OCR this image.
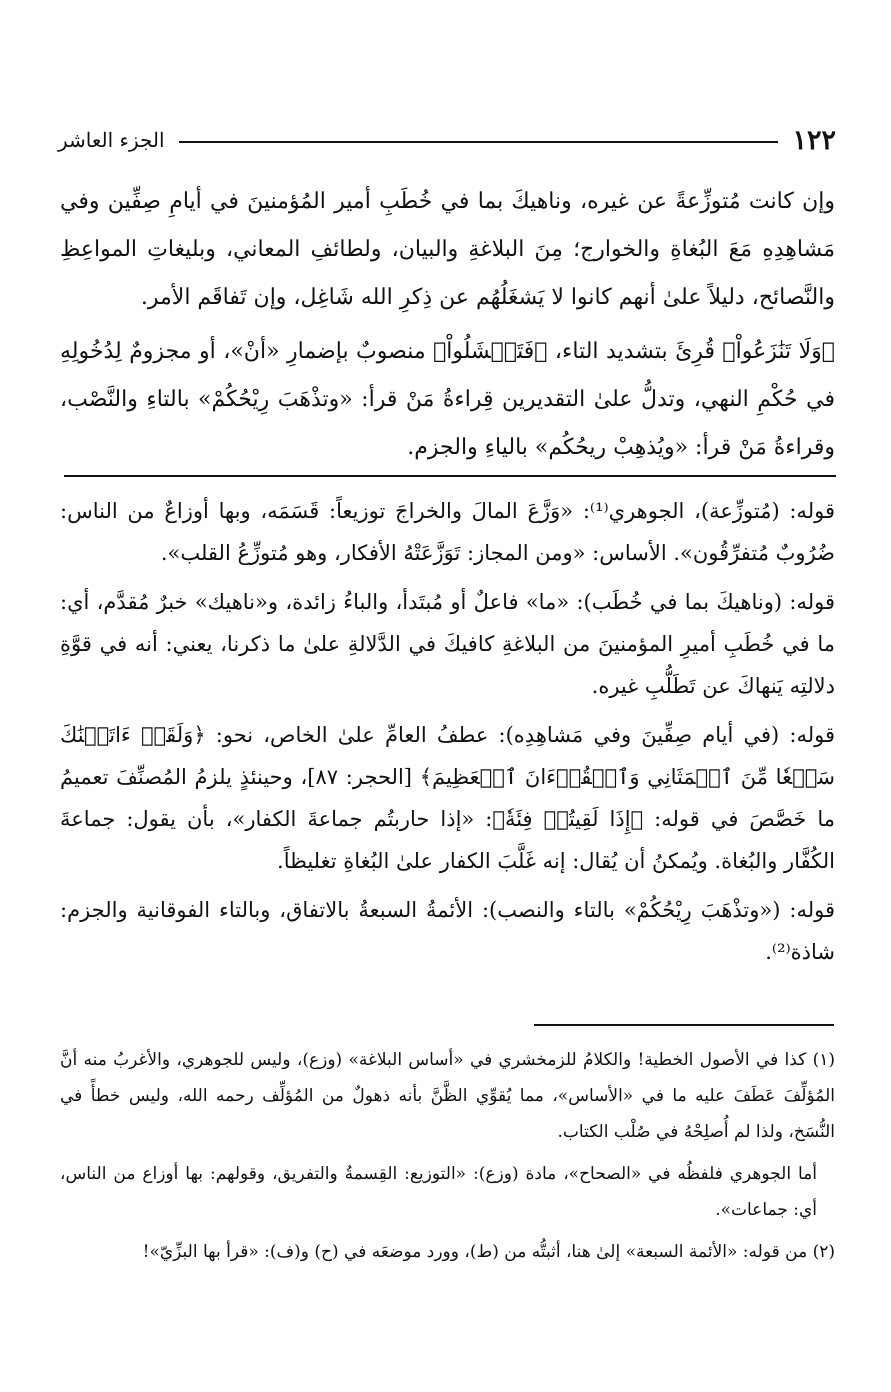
١٢٢
الجزء العاشر

وإن كانت مُتوزِّعةً عن غيره، وناهيكَ بما في خُطَبِ أمير المُؤمنينَ في أيامِ صِفِّين وفي مَشاهِدِهِ مَعَ البُغاةِ والخوارج؛ مِنَ البلاغةِ والبيان، ولطائفِ المعاني، وبليغاتِ المواعِظِ والنَّصائح، دليلاً علىٰ أنهم كانوا لا يَشغَلُهُم عن ذِكرِ الله شَاغِل، وإن تَفاقَم الأمر.

﴿وَلَا تَنَٰزَعُواْ﴾ قُرِئَ بتشديد التاء، ﴿فَتَفۡشَلُواْ﴾ منصوبٌ بإضمارِ «أنْ»، أو مجزومٌ لِدُخُولِهِ في حُكْمِ النهي، وتدلُّ علىٰ التقديرين قِراءةُ مَنْ قرأ: «وتذْهَبَ رِيْحُكُمْ» بالتاءِ والنَّصْب، وقراءةُ مَنْ قرأ: «ويُذهِبْ ريحُكُم» بالياءِ والجزم.

قوله: (مُتوزِّعة)، الجوهري⁽¹⁾: «وَزَّعَ المالَ والخراجَ توزيعاً: قَسَمَه، وبها أوزاعٌ من الناس: ضُرُوبٌ مُتفرِّقُون». الأساس: «ومن المجاز: تَوَزَّعَتْهُ الأفكار، وهو مُتوزِّعُ القلب».

قوله: (وناهيكَ بما في خُطَب): «ما» فاعلٌ أو مُبتَدأ، والباءُ زائدة، و«ناهيك» خبرٌ مُقدَّم، أي: ما في خُطَبِ أميرِ المؤمنينَ من البلاغةِ كافيكَ في الدَّلالةِ علىٰ ما ذكرنا، يعني: أنه في قوَّةِ دلالتِه يَنهاكَ عن تَطَلُّبِ غيره.

قوله: (في أيام صِفِّينَ وفي مَشاهِدِه): عطفُ العامِّ علىٰ الخاص، نحو: ﴿وَلَقَدۡ ءَاتَيۡنَٰكَ سَبۡعٗا مِّنَ ٱلۡمَثَانِي وَٱلۡقُرۡءَانَ ٱلۡعَظِيمَ﴾ [الحجر: ٨٧]، وحينئذٍ يلزمُ المُصنِّفَ تعميمُ ما خَصَّصَ في قوله: ﴿إِذَا لَقِيتُمۡ فِئَةٗ﴾: «إذا حاربتُم جماعةَ الكفار»، بأن يقول: جماعةَ الكُفَّار والبُغاة. ويُمكنُ أن يُقال: إنه غَلَّبَ الكفار علىٰ البُغاةِ تغليظاً.

قوله: («وتذْهَبَ رِيْحُكُمْ» بالتاء والنصب): الأئمةُ السبعةُ بالاتفاق، وبالتاء الفوقانية والجزم: شاذة⁽²⁾.

(١) كذا في الأصول الخطية! والكلامُ للزمخشري في «أساس البلاغة» (وزع)، وليس للجوهري، والأغربُ منه أنَّ المُؤلِّفَ عَطَفَ عليه ما في «الأساس»، مما يُقوِّي الظَّنَّ بأنه ذهولٌ من المُؤلِّف رحمه الله، وليس خطأً في النُّسَخ، ولذا لم أُصلِحْهُ في صُلْب الكتاب.

أما الجوهري فلفظُه في «الصحاح»، مادة (وزع): «التوزيع: القِسمةُ والتفريق، وقولهم: بها أوزاع من الناس، أي: جماعات».

(٢) من قوله: «الأئمة السبعة» إلىٰ هنا، أثبتُّه من (ط)، وورد موضعَه في (ح) و(ف): «قرأ بها البزِّيّ»!
